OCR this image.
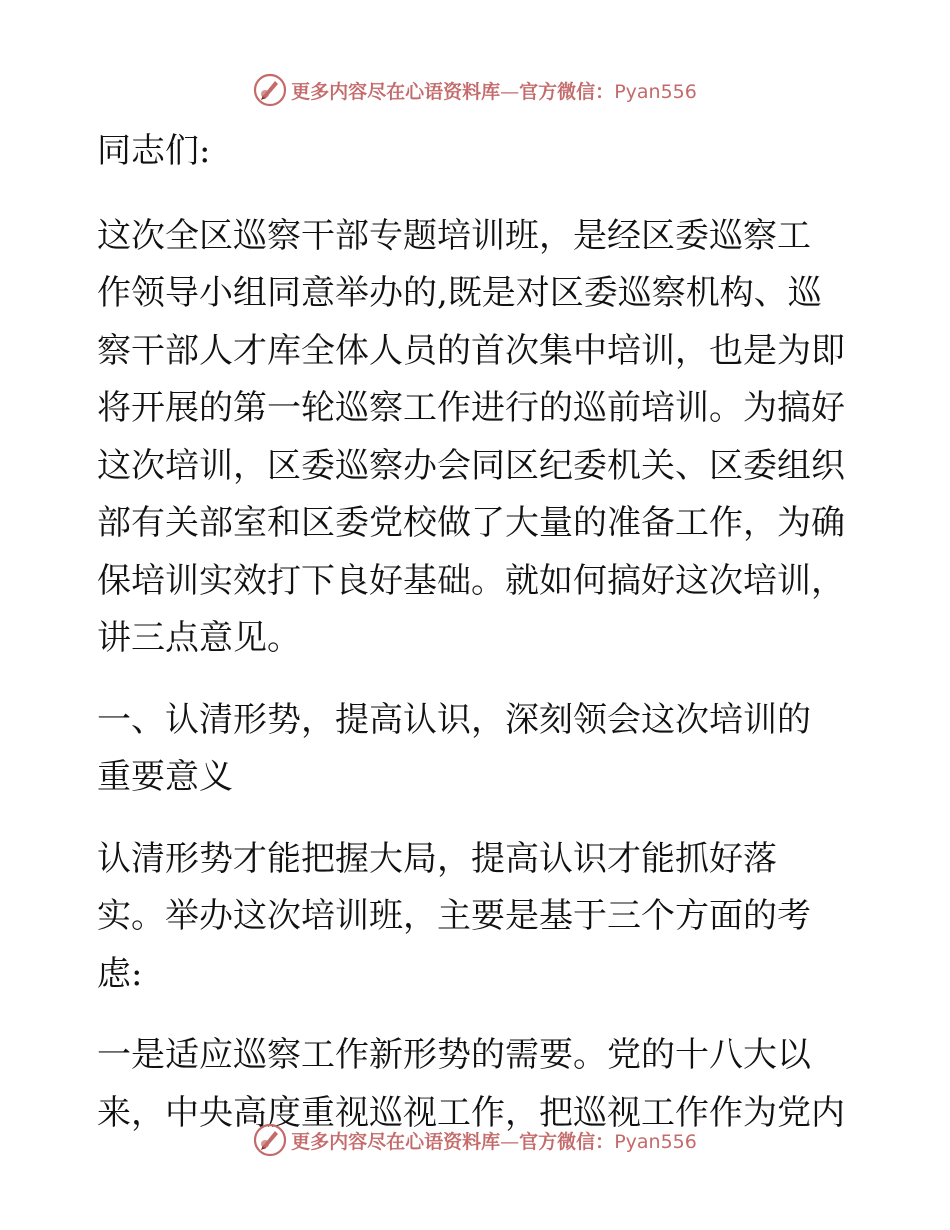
更多内容尽在心语资料库—官方微信：Pyan556

同志们:

这次全区巡察干部专题培训班，是经区委巡察工
作领导小组同意举办的,既是对区委巡察机构、巡
察干部人才库全体人员的首次集中培训，也是为即
将开展的第一轮巡察工作进行的巡前培训。为搞好
这次培训，区委巡察办会同区纪委机关、区委组织
部有关部室和区委党校做了大量的准备工作，为确
保培训实效打下良好基础。就如何搞好这次培训，
讲三点意见。
一、认清形势，提高认识，深刻领会这次培训的
重要意义
认清形势才能把握大局，提高认识才能抓好落
实。举办这次培训班，主要是基于三个方面的考
虑:
一是适应巡察工作新形势的需要。党的十八大以
来，中央高度重视巡视工作，把巡视工作作为党内
更多内容尽在心语资料库—官方微信：Pyan556
